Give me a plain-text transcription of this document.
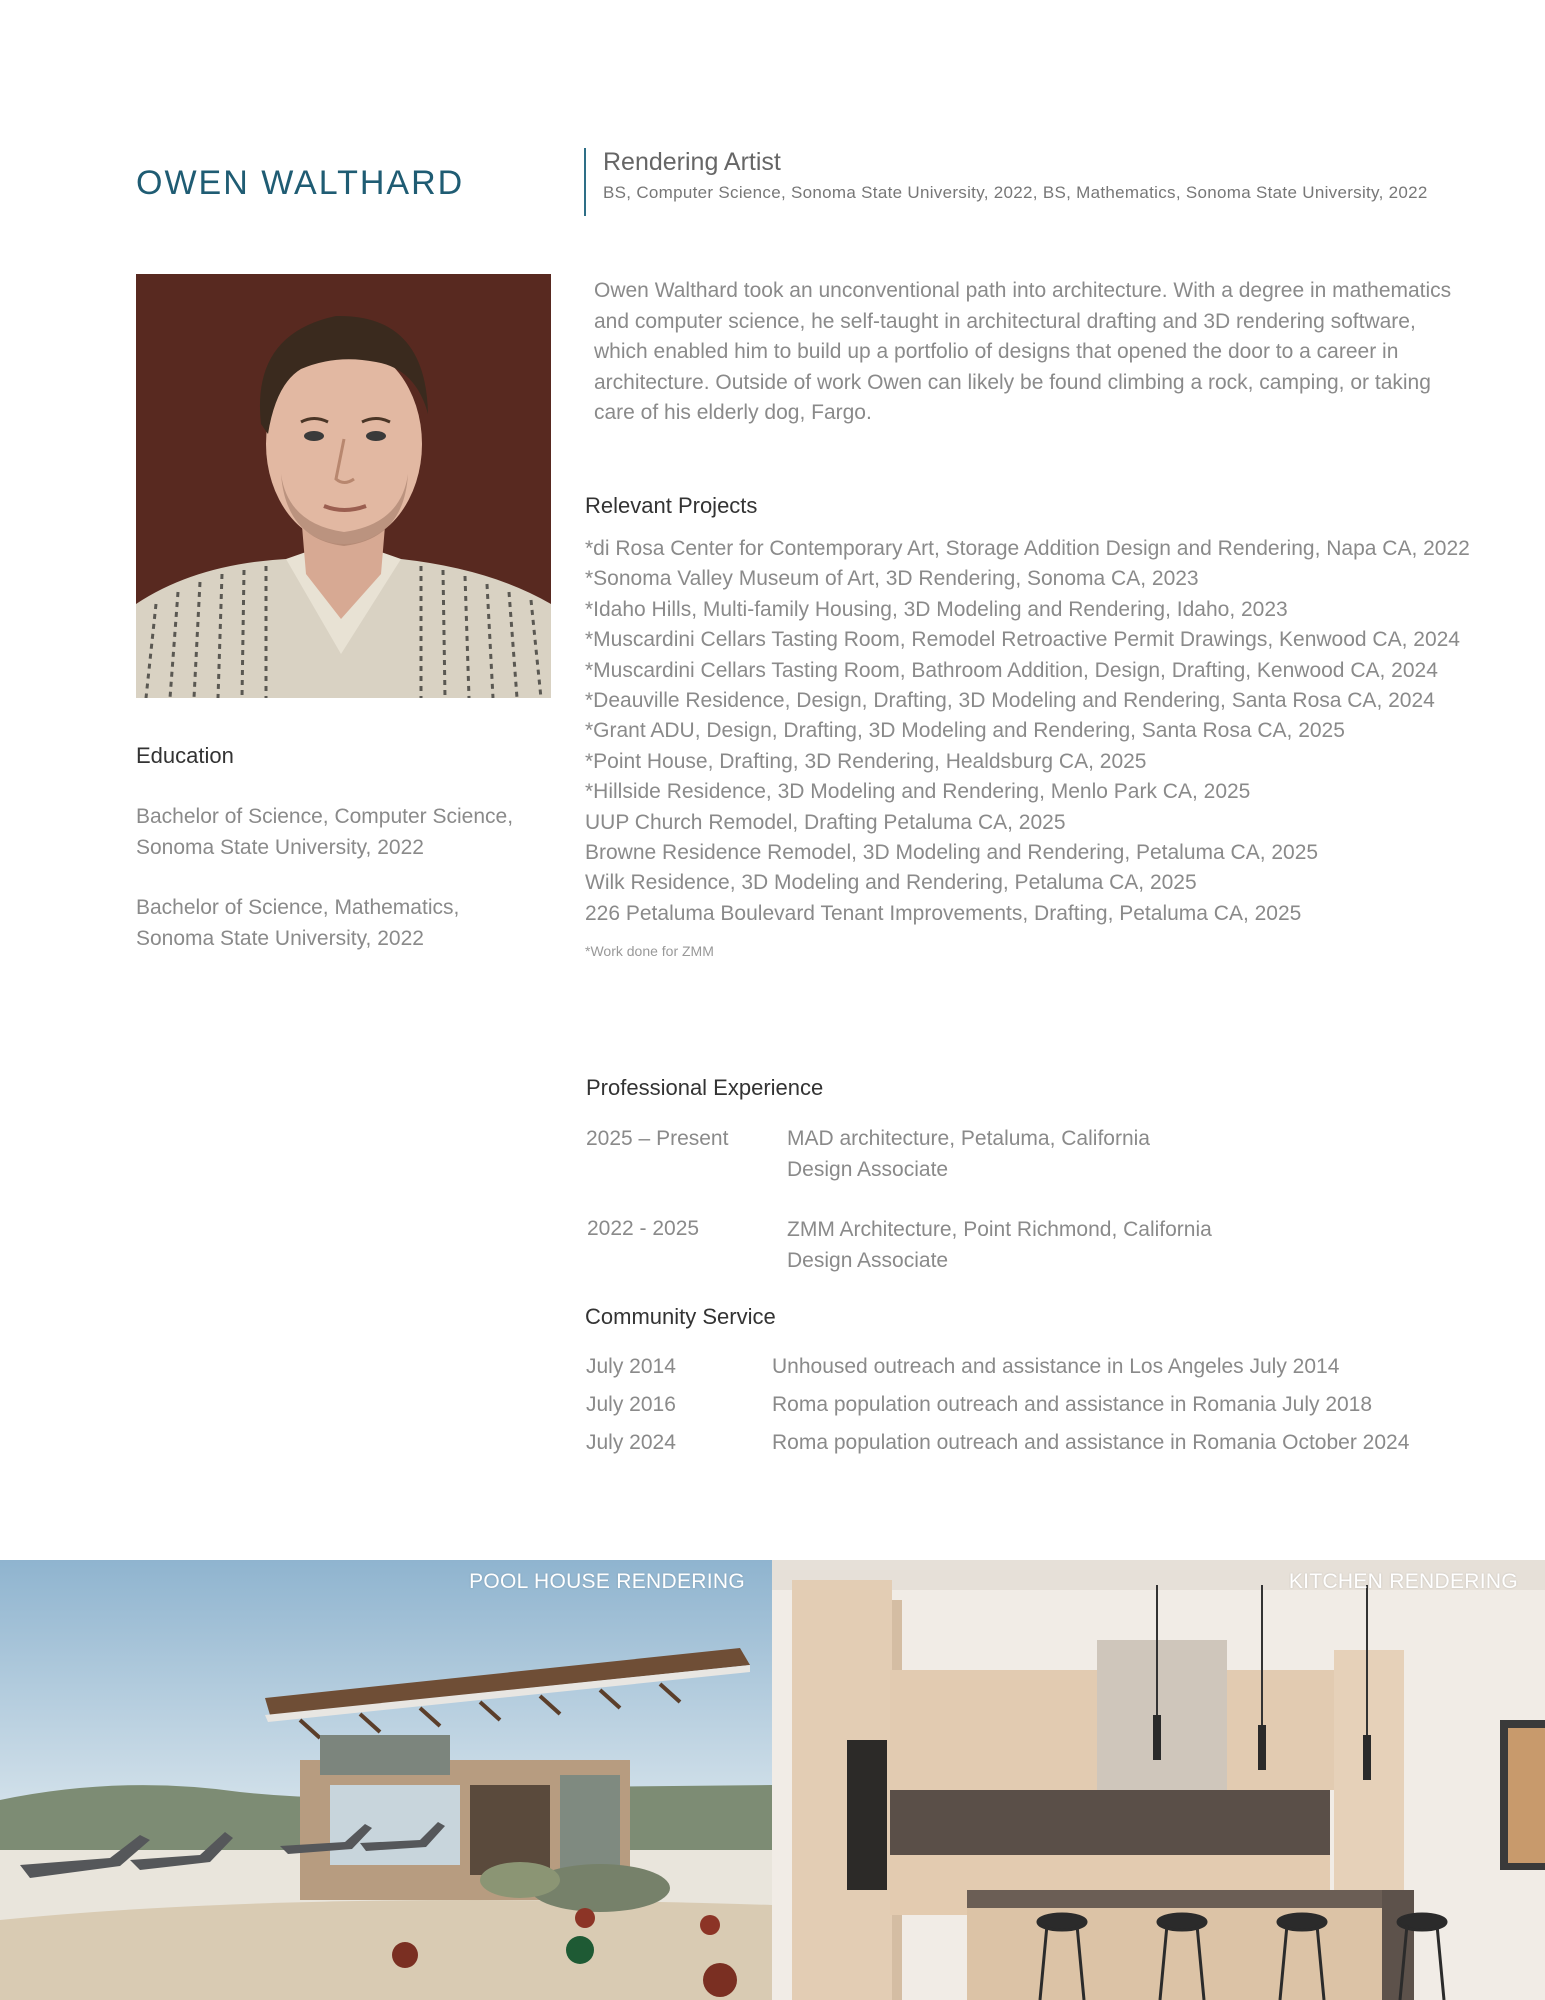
OWEN WALTHARD
Rendering Artist
BS, Computer Science, Sonoma State University, 2022, BS, Mathematics, Sonoma State University, 2022

Owen Walthard took an unconventional path into architecture. With a degree in mathematics and computer science, he self-taught in architectural drafting and 3D rendering software, which enabled him to build up a portfolio of designs that opened the door to a career in architecture. Outside of work Owen can likely be found climbing a rock, camping, or taking care of his elderly dog, Fargo.

Education
Bachelor of Science, Computer Science,
Sonoma State University, 2022
Bachelor of Science, Mathematics,
Sonoma State University, 2022
Relevant Projects
*di Rosa Center for Contemporary Art, Storage Addition Design and Rendering, Napa CA, 2022
*Sonoma Valley Museum of Art, 3D Rendering, Sonoma CA, 2023
*Idaho Hills, Multi-family Housing, 3D Modeling and Rendering, Idaho, 2023
*Muscardini Cellars Tasting Room, Remodel Retroactive Permit Drawings, Kenwood CA, 2024
*Muscardini Cellars Tasting Room, Bathroom Addition, Design, Drafting, Kenwood CA, 2024
*Deauville Residence, Design, Drafting, 3D Modeling and Rendering, Santa Rosa CA, 2024
*Grant ADU, Design, Drafting, 3D Modeling and Rendering, Santa Rosa CA, 2025
*Point House, Drafting, 3D Rendering, Healdsburg CA, 2025
*Hillside Residence, 3D Modeling and Rendering, Menlo Park CA, 2025
UUP Church Remodel, Drafting Petaluma CA, 2025
Browne Residence Remodel, 3D Modeling and Rendering, Petaluma CA, 2025
Wilk Residence, 3D Modeling and Rendering, Petaluma CA, 2025
226 Petaluma Boulevard Tenant Improvements, Drafting, Petaluma CA, 2025
*Work done for ZMM
Professional Experience
2025 – Present	MAD architecture, Petaluma, California
Design Associate
2022 - 2025	ZMM Architecture, Point Richmond, California
Design Associate
Community Service
July 2014	Unhoused outreach and assistance in Los Angeles July 2014
July 2016	Roma population outreach and assistance in Romania July 2018
July 2024	Roma population outreach and assistance in Romania October 2024
POOL HOUSE RENDERING	KITCHEN RENDERING
